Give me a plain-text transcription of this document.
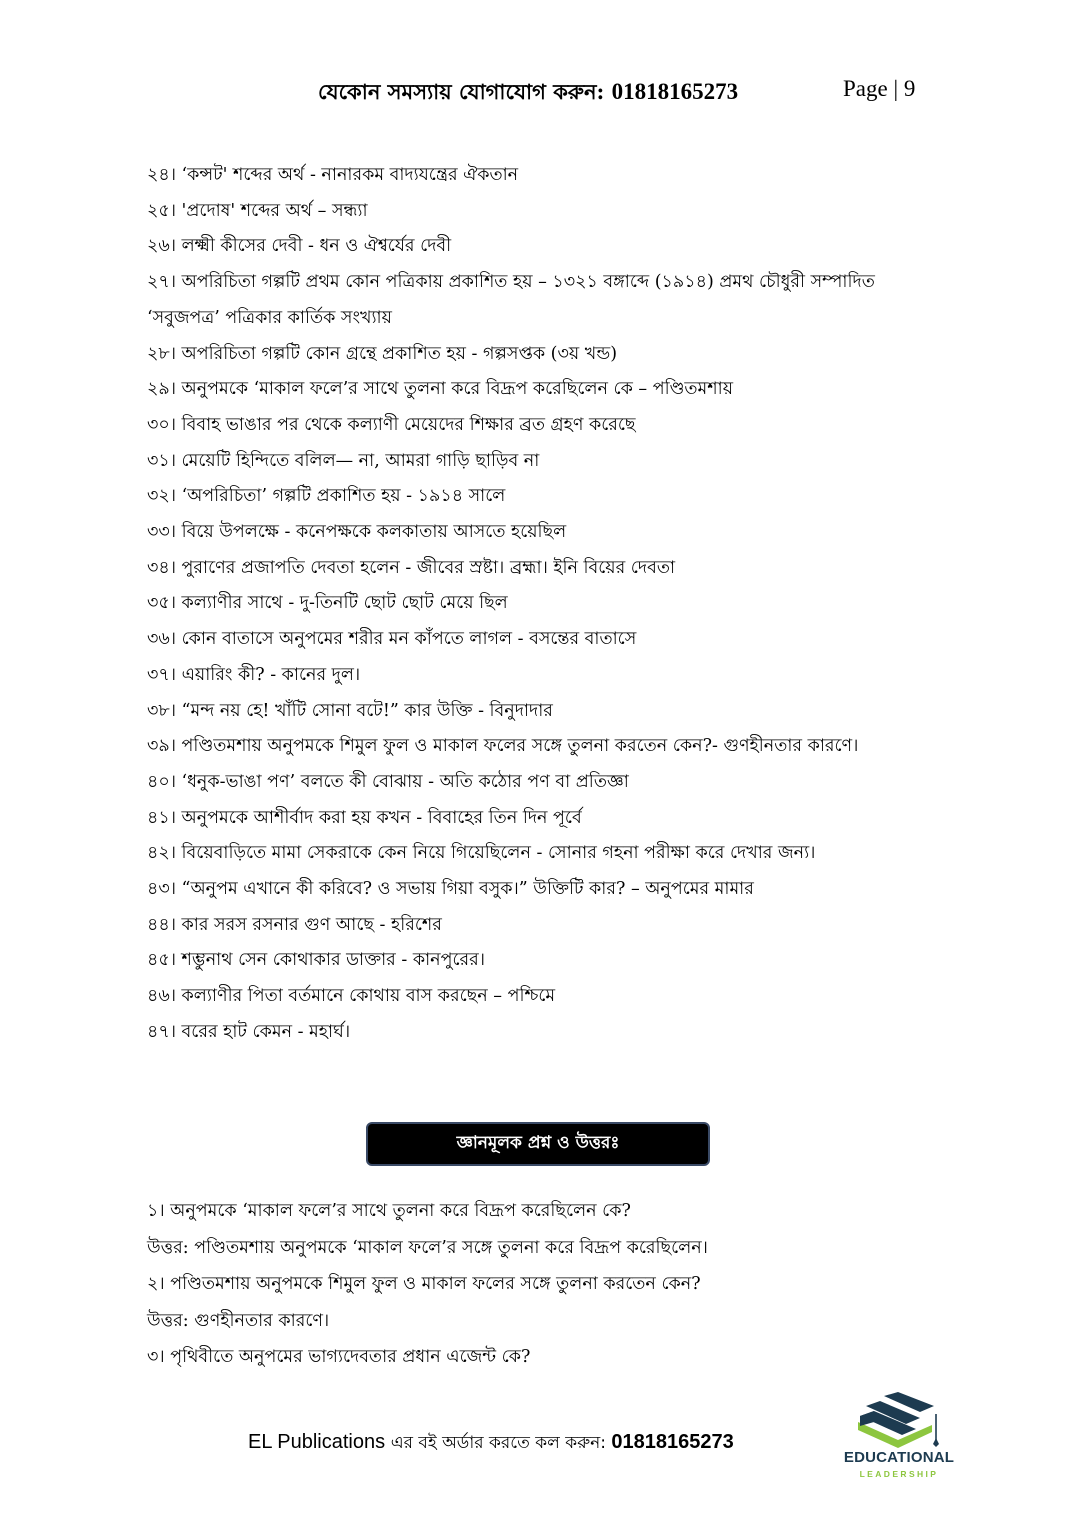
যেকোন সমস্যায় যোগাযোগ করুন: 01818165273	Page | 9
২৪। ‘কন্সট' শব্দের অর্থ - নানারকম বাদ্যযন্ত্রের ঐকতান
২৫। 'প্রদোষ' শব্দের অর্থ – সন্ধ্যা
২৬। লক্ষ্মী কীসের দেবী - ধন ও ঐশ্বর্যের দেবী
২৭। অপরিচিতা গল্পটি প্রথম কোন পত্রিকায় প্রকাশিত হয় – ১৩২১ বঙ্গাব্দে (১৯১৪) প্রমথ চৌধুরী সম্পাদিত ‘সবুজপত্র’ পত্রিকার কার্তিক সংখ্যায়
২৮। অপরিচিতা গল্পটি কোন গ্রন্থে প্রকাশিত হয় - গল্পসপ্তক (৩য় খন্ড)
২৯। অনুপমকে ‘মাকাল ফলে’র সাথে তুলনা করে বিদ্রূপ করেছিলেন কে – পণ্ডিতমশায়
৩০। বিবাহ ভাঙার পর থেকে কল্যাণী মেয়েদের শিক্ষার ব্রত গ্রহণ করেছে
৩১। মেয়েটি হিন্দিতে বলিল— না, আমরা গাড়ি ছাড়িব না
৩২। ‘অপরিচিতা’ গল্পটি প্রকাশিত হয় - ১৯১৪ সালে
৩৩। বিয়ে উপলক্ষে - কনেপক্ষকে কলকাতায় আসতে হয়েছিল
৩৪। পুরাণের প্রজাপতি দেবতা হলেন - জীবের স্রষ্টা। ব্রহ্মা। ইনি বিয়ের দেবতা
৩৫। কল্যাণীর সাথে - দু-তিনটি ছোট ছোট মেয়ে ছিল
৩৬। কোন বাতাসে অনুপমের শরীর মন কাঁপতে লাগল - বসন্তের বাতাসে
৩৭। এয়ারিং কী? - কানের দুল।
৩৮। “মন্দ নয় হে! খাঁটি সোনা বটে!” কার উক্তি - বিনুদাদার
৩৯। পণ্ডিতমশায় অনুপমকে শিমুল ফুল ও মাকাল ফলের সঙ্গে তুলনা করতেন কেন?- গুণহীনতার কারণে।
৪০। ‘ধনুক-ভাঙা পণ’ বলতে কী বোঝায় - অতি কঠোর পণ বা প্রতিজ্ঞা
৪১। অনুপমকে আশীর্বাদ করা হয় কখন - বিবাহের তিন দিন পূর্বে
৪২। বিয়েবাড়িতে মামা সেকরাকে কেন নিয়ে গিয়েছিলেন - সোনার গহনা পরীক্ষা করে দেখার জন্য।
৪৩। “অনুপম এখানে কী করিবে? ও সভায় গিয়া বসুক।” উক্তিটি কার? – অনুপমের মামার
৪৪। কার সরস রসনার গুণ আছে - হরিশের
৪৫। শম্ভুনাথ সেন কোথাকার ডাক্তার - কানপুরের।
৪৬। কল্যাণীর পিতা বর্তমানে কোথায় বাস করছেন – পশ্চিমে
৪৭। বরের হাট কেমন - মহার্ঘ।
জ্ঞানমূলক প্রশ্ন ও উত্তরঃ
১। অনুপমকে ‘মাকাল ফলে’র সাথে তুলনা করে বিদ্রূপ করেছিলেন কে?
উত্তর: পণ্ডিতমশায় অনুপমকে ‘মাকাল ফলে’র সঙ্গে তুলনা করে বিদ্রূপ করেছিলেন।
২। পণ্ডিতমশায় অনুপমকে শিমুল ফুল ও মাকাল ফলের সঙ্গে তুলনা করতেন কেন?
উত্তর: গুণহীনতার কারণে।
৩। পৃথিবীতে অনুপমের ভাগ্যদেবতার প্রধান এজেন্ট কে?
EL Publications এর বই অর্ডার করতে কল করুন: 01818165273
EDUCATIONAL
LEADERSHIP
